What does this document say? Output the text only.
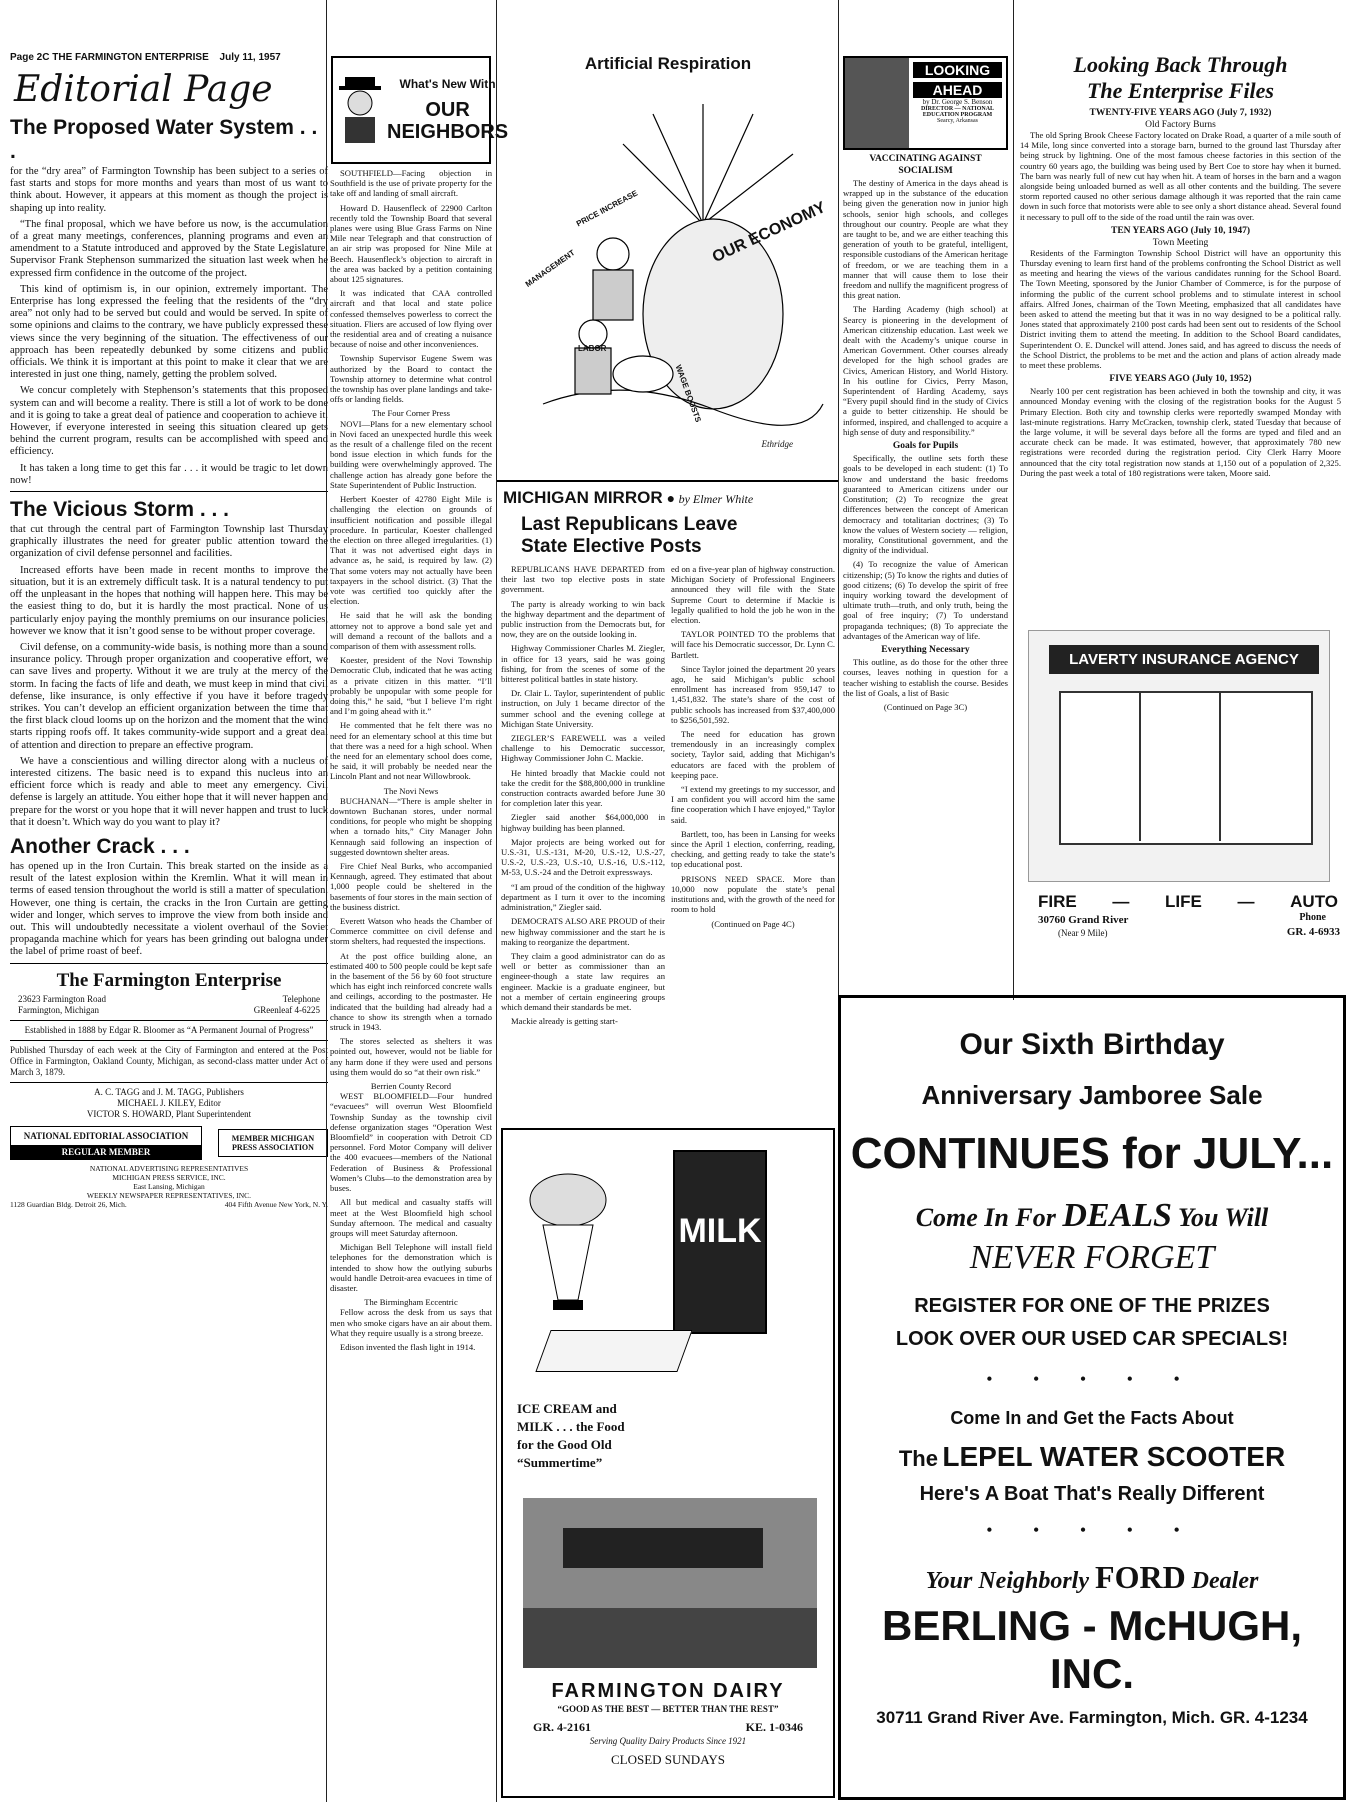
Page 2C THE FARMINGTON ENTERPRISE July 11, 1957
Editorial Page
The Proposed Water System . . .

for the “dry area” of Farmington Township has been subject to a series of fast starts and stops for more months and years than most of us want to think about. However, it appears at this moment as though the project is shaping up into reality.

“The final proposal, which we have before us now, is the accumulation of a great many meetings, conferences, planning programs and even an amendment to a Statute introduced and approved by the State Legislature. Supervisor Frank Stephenson summarized the situation last week when he expressed firm confidence in the outcome of the project.

This kind of optimism is, in our opinion, extremely important. The Enterprise has long expressed the feeling that the residents of the “dry area” not only had to be served but could and would be served. In spite of some opinions and claims to the contrary, we have publicly expressed these views since the very beginning of the situation. The effectiveness of our approach has been repeatedly debunked by some citizens and public officials. We think it is important at this point to make it clear that we are interested in just one thing, namely, getting the problem solved.

We concur completely with Stephenson’s statements that this proposed system can and will become a reality. There is still a lot of work to be done and it is going to take a great deal of patience and cooperation to achieve it. However, if everyone interested in seeing this situation cleared up gets behind the current program, results can be accomplished with speed and efficiency.

It has taken a long time to get this far . . . it would be tragic to let down now!

The Vicious Storm . . .

that cut through the central part of Farmington Township last Thursday graphically illustrates the need for greater public attention toward the organization of civil defense personnel and facilities.

Increased efforts have been made in recent months to improve the situation, but it is an extremely difficult task. It is a natural tendency to put off the unpleasant in the hopes that nothing will happen here. This may be the easiest thing to do, but it is hardly the most practical. None of us particularly enjoy paying the monthly premiums on our insurance policies, however we know that it isn’t good sense to be without proper coverage.

Civil defense, on a community-wide basis, is nothing more than a sound insurance policy. Through proper organization and cooperative effort, we can save lives and property. Without it we are truly at the mercy of the storm. In facing the facts of life and death, we must keep in mind that civil defense, like insurance, is only effective if you have it before tragedy strikes. You can’t develop an efficient organization between the time that the first black cloud looms up on the horizon and the moment that the wind starts ripping roofs off. It takes community-wide support and a great deal of attention and direction to prepare an effective program.

We have a conscientious and willing director along with a nucleus of interested citizens. The basic need is to expand this nucleus into an efficient force which is ready and able to meet any emergency. Civil defense is largely an attitude. You either hope that it will never happen and prepare for the worst or you hope that it will never happen and trust to luck that it doesn’t. Which way do you want to play it?

Another Crack . . .

has opened up in the Iron Curtain. This break started on the inside as a result of the latest explosion within the Kremlin. What it will mean in terms of eased tension throughout the world is still a matter of speculation. However, one thing is certain, the cracks in the Iron Curtain are getting wider and longer, which serves to improve the view from both inside and out. This will undoubtedly necessitate a violent overhaul of the Soviet propaganda machine which for years has been grinding out balogna under the label of prime roast of beef.

The Farmington Enterprise
23623 Farmington Road
Farmington, Michigan
Telephone
GReenleaf 4-6225
Established in 1888 by Edgar R. Bloomer as “A Permanent Journal of Progress”
Published Thursday of each week at the City of Farmington and entered at the Post Office in Farmington, Oakland County, Michigan, as second-class matter under Act of March 3, 1879.
A. C. TAGG and J. M. TAGG, Publishers
MICHAEL J. KILEY, Editor
VICTOR S. HOWARD, Plant Superintendent
NATIONAL EDITORIAL ASSOCIATION
REGULAR MEMBER
MEMBER MICHIGAN PRESS ASSOCIATION
NATIONAL ADVERTISING REPRESENTATIVES
MICHIGAN PRESS SERVICE, INC.
East Lansing, Michigan
WEEKLY NEWSPAPER REPRESENTATIVES, INC.
1128 Guardian Bldg. Detroit 26, Mich.	404 Fifth Avenue New York, N. Y.
What's New With
OUR NEIGHBORS

SOUTHFIELD—Facing objection in Southfield is the use of private property for the take off and landing of small aircraft.

Howard D. Hausenfleck of 22900 Carlton recently told the Township Board that several planes were using Blue Grass Farms on Nine Mile near Telegraph and that construction of an air strip was proposed for Nine Mile at Beech. Hausenfleck’s objection to aircraft in the area was backed by a petition containing about 125 signatures.

It was indicated that CAA controlled aircraft and that local and state police confessed themselves powerless to correct the situation. Fliers are accused of low flying over the residential area and of creating a nuisance because of noise and other inconveniences.

Township Supervisor Eugene Swem was authorized by the Board to contact the Township attorney to determine what control the township has over plane landings and take-offs or landing fields.

The Four Corner Press

NOVI—Plans for a new elementary school in Novi faced an unexpected hurdle this week as the result of a challenge filed on the recent bond issue election in which funds for the building were overwhelmingly approved. The challenge action has already gone before the State Superintendent of Public Instruction.

Herbert Koester of 42780 Eight Mile is challenging the election on grounds of insufficient notification and possible illegal procedure. In particular, Koester challenged the election on three alleged irregularities. (1) That it was not advertised eight days in advance as, he said, is required by law. (2) That some voters may not actually have been taxpayers in the school district. (3) That the vote was certified too quickly after the election.

He said that he will ask the bonding attorney not to approve a bond sale yet and will demand a recount of the ballots and a comparison of them with assessment rolls.

Koester, president of the Novi Township Democratic Club, indicated that he was acting as a private citizen in this matter. “I’ll probably be unpopular with some people for doing this,” he said, “but I believe I’m right and I’m going ahead with it.”

He commented that he felt there was no need for an elementary school at this time but that there was a need for a high school. When the need for an elementary school does come, he said, it will probably be needed near the Lincoln Plant and not near Willowbrook.

The Novi News

BUCHANAN—“There is ample shelter in downtown Buchanan stores, under normal conditions, for people who might be shopping when a tornado hits,” City Manager John Kennaugh said following an inspection of suggested downtown shelter areas.

Fire Chief Neal Burks, who accompanied Kennaugh, agreed. They estimated that about 1,000 people could be sheltered in the basements of four stores in the main section of the business district.

Everett Watson who heads the Chamber of Commerce committee on civil defense and storm shelters, had requested the inspections.

At the post office building alone, an estimated 400 to 500 people could be kept safe in the basement of the 56 by 60 foot structure which has eight inch reinforced concrete walls and ceilings, according to the postmaster. He indicated that the building had already had a chance to show its strength when a tornado struck in 1943.

The stores selected as shelters it was pointed out, however, would not be liable for any harm done if they were used and persons using them would do so “at their own risk.”

Berrien County Record

WEST BLOOMFIELD—Four hundred “evacuees” will overrun West Bloomfield Township Sunday as the township civil defense organization stages “Operation West Bloomfield” in cooperation with Detroit CD personnel. Ford Motor Company will deliver the 400 evacuees—members of the National Federation of Business & Professional Women’s Clubs—to the demonstration area by buses.

All but medical and casualty staffs will meet at the West Bloomfield high school Sunday afternoon. The medical and casualty groups will meet Saturday afternoon.

Michigan Bell Telephone will install field telephones for the demonstration which is intended to show how the outlying suburbs would handle Detroit-area evacuees in time of disaster.

The Birmingham Eccentric

Fellow across the desk from us says that men who smoke cigars have an air about them. What they require usually is a strong breeze.

Edison invented the flash light in 1914.

Artificial Respiration
OUR ECONOMY
PRICE INCREASE
MANAGEMENT
LABOR
WAGE BOOSTS
Ethridge
MICHIGAN MIRROR ● by Elmer White
Last Republicans Leave
State Elective Posts

REPUBLICANS HAVE DEPARTED from their last two top elective posts in state government.

The party is already working to win back the highway department and the department of public instruction from the Democrats but, for now, they are on the outside looking in.

Highway Commissioner Charles M. Ziegler, in office for 13 years, said he was going fishing, for from the scenes of some of the bitterest political battles in state history.

Dr. Clair L. Taylor, superintendent of public instruction, on July 1 became director of the summer school and the evening college at Michigan State University.

ZIEGLER’S FAREWELL was a veiled challenge to his Democratic successor, Highway Commissioner John C. Mackie.

He hinted broadly that Mackie could not take the credit for the $88,800,000 in trunkline construction contracts awarded before June 30 for completion later this year.

Ziegler said another $64,000,000 in highway building has been planned.

Major projects are being worked out for U.S.-31, U.S.-131, M-20, U.S.-12, U.S.-27, U.S.-2, U.S.-23, U.S.-10, U.S.-16, U.S.-112, M-53, U.S.-24 and the Detroit expressways.

“I am proud of the condition of the highway department as I turn it over to the incoming administration,” Ziegler said.

DEMOCRATS ALSO ARE PROUD of their new highway commissioner and the start he is making to reorganize the department.

They claim a good administrator can do as well or better as commissioner than an engineer-though a state law requires an engineer. Mackie is a graduate engineer, but not a member of certain engineering groups which demand their standards be met.

Mackie already is getting start-

ed on a five-year plan of highway construction. Michigan Society of Professional Engineers announced they will file with the State Supreme Court to determine if Mackie is legally qualified to hold the job he won in the election.

TAYLOR POINTED TO the problems that will face his Democratic successor, Dr. Lynn C. Bartlett.

Since Taylor joined the department 20 years ago, he said Michigan’s public school enrollment has increased from 959,147 to 1,451,832. The state’s share of the cost of public schools has increased from $37,400,000 to $256,501,592.

The need for education has grown tremendously in an increasingly complex society, Taylor said, adding that Michigan’s educators are faced with the problem of keeping pace.

“I extend my greetings to my successor, and I am confident you will accord him the same fine cooperation which I have enjoyed,” Taylor said.

Bartlett, too, has been in Lansing for weeks since the April 1 election, conferring, reading, checking, and getting ready to take the state’s top educational post.

PRISONS NEED SPACE. More than 10,000 now populate the state’s penal institutions and, with the growth of the need for room to hold

(Continued on Page 4C)
MILK
ICE CREAM and MILK . . . the Food for the Good Old “Summertime”
FARMINGTON DAIRY
“GOOD AS THE BEST — BETTER THAN THE REST”
GR. 4-2161	KE. 1-0346
Serving Quality Dairy Products Since 1921
CLOSED SUNDAYS
LOOKING
AHEAD
by Dr. George S. Benson
DIRECTOR — NATIONAL EDUCATION PROGRAM
Searcy, Arkansas
VACCINATING AGAINST
SOCIALISM

The destiny of America in the days ahead is wrapped up in the substance of the education being given the generation now in junior high schools, senior high schools, and colleges throughout our country. People are what they are taught to be, and we are either teaching this generation of youth to be grateful, intelligent, responsible custodians of the American heritage of freedom, or we are teaching them in a manner that will cause them to lose their freedom and nullify the magnificent progress of this great nation.

The Harding Academy (high school) at Searcy is pioneering in the development of American citizenship education. Last week we dealt with the Academy’s unique course in American Government. Other courses already developed for the high school grades are Civics, American History, and World History. In his outline for Civics, Perry Mason, Superintendent of Harding Academy, says “Every pupil should find in the study of Civics a guide to better citizenship. He should be informed, inspired, and challenged to acquire a high sense of duty and responsibility.”

Goals for Pupils

Specifically, the outline sets forth these goals to be developed in each student: (1) To know and understand the basic freedoms guaranteed to American citizens under our Constitution; (2) To recognize the great differences between the concept of American democracy and totalitarian doctrines; (3) To know the values of Western society — religion, morality, Constitutional government, and the dignity of the individual.

(4) To recognize the value of American citizenship; (5) To know the rights and duties of good citizens; (6) To develop the spirit of free inquiry working toward the development of ultimate truth—truth, and only truth, being the goal of free inquiry; (7) To understand propaganda techniques; (8) To appreciate the advantages of the American way of life.

Everything Necessary

This outline, as do those for the other three courses, leaves nothing in question for a teacher wishing to establish the course. Besides the list of Goals, a list of Basic

(Continued on Page 3C)
Looking Back Through
The Enterprise Files
TWENTY-FIVE YEARS AGO (July 7, 1932)
Old Factory Burns

The old Spring Brook Cheese Factory located on Drake Road, a quarter of a mile south of 14 Mile, long since converted into a storage barn, burned to the ground last Thursday after being struck by lightning. One of the most famous cheese factories in this section of the country 60 years ago, the building was being used by Bert Coe to store hay when it burned. The barn was nearly full of new cut hay when hit. A team of horses in the barn and a wagon alongside being unloaded burned as well as all other contents and the building. The severe storm reported caused no other serious damage although it was reported that the rain came down in such force that motorists were able to see only a short distance ahead. Several found it necessary to pull off to the side of the road until the rain was over.

TEN YEARS AGO (July 10, 1947)
Town Meeting

Residents of the Farmington Township School District will have an opportunity this Thursday evening to learn first hand of the problems confronting the School District as well as meeting and hearing the views of the various candidates running for the School Board. The Town Meeting, sponsored by the Junior Chamber of Commerce, is for the purpose of informing the public of the current school problems and to stimulate interest in school affairs. Alfred Jones, chairman of the Town Meeting, emphasized that all candidates have been asked to attend the meeting but that it was in no way designed to be a political rally. Jones stated that approximately 2100 post cards had been sent out to residents of the School District inviting them to attend the meeting. In addition to the School Board candidates, Superintendent O. E. Dunckel will attend. Jones said, and has agreed to discuss the needs of the School District, the problems to be met and the action and plans of action already made to meet these problems.

FIVE YEARS AGO (July 10, 1952)

Nearly 100 per cent registration has been achieved in both the township and city, it was announced Monday evening with the closing of the registration books for the August 5 Primary Election. Both city and township clerks were reportedly swamped Monday with last-minute registrations. Harry McCracken, township clerk, stated Tuesday that because of the large volume, it will be several days before all the forms are typed and filed and an accurate check can be made. It was estimated, however, that approximately 780 new registrations were recorded during the registration period. City Clerk Harry Moore announced that the city total registration now stands at 1,150 out of a population of 2,325. During the past week a total of 180 registrations were taken, Moore said.

LAVERTY INSURANCE AGENCY
FIRE — LIFE — AUTO
30760 Grand River
(Near 9 Mile)
Phone
GR. 4-6933
Our Sixth Birthday
Anniversary Jamboree Sale
CONTINUES for JULY...
Come In For DEALS You Will
NEVER FORGET
REGISTER FOR ONE OF THE PRIZES
LOOK OVER OUR USED CAR SPECIALS!
• • • • •
Come In and Get the Facts About
The LEPEL WATER SCOOTER
Here's A Boat That's Really Different
• • • • •
Your Neighborly FORD Dealer
BERLING - McHUGH, INC.
30711 Grand River Ave. Farmington, Mich. GR. 4-1234
